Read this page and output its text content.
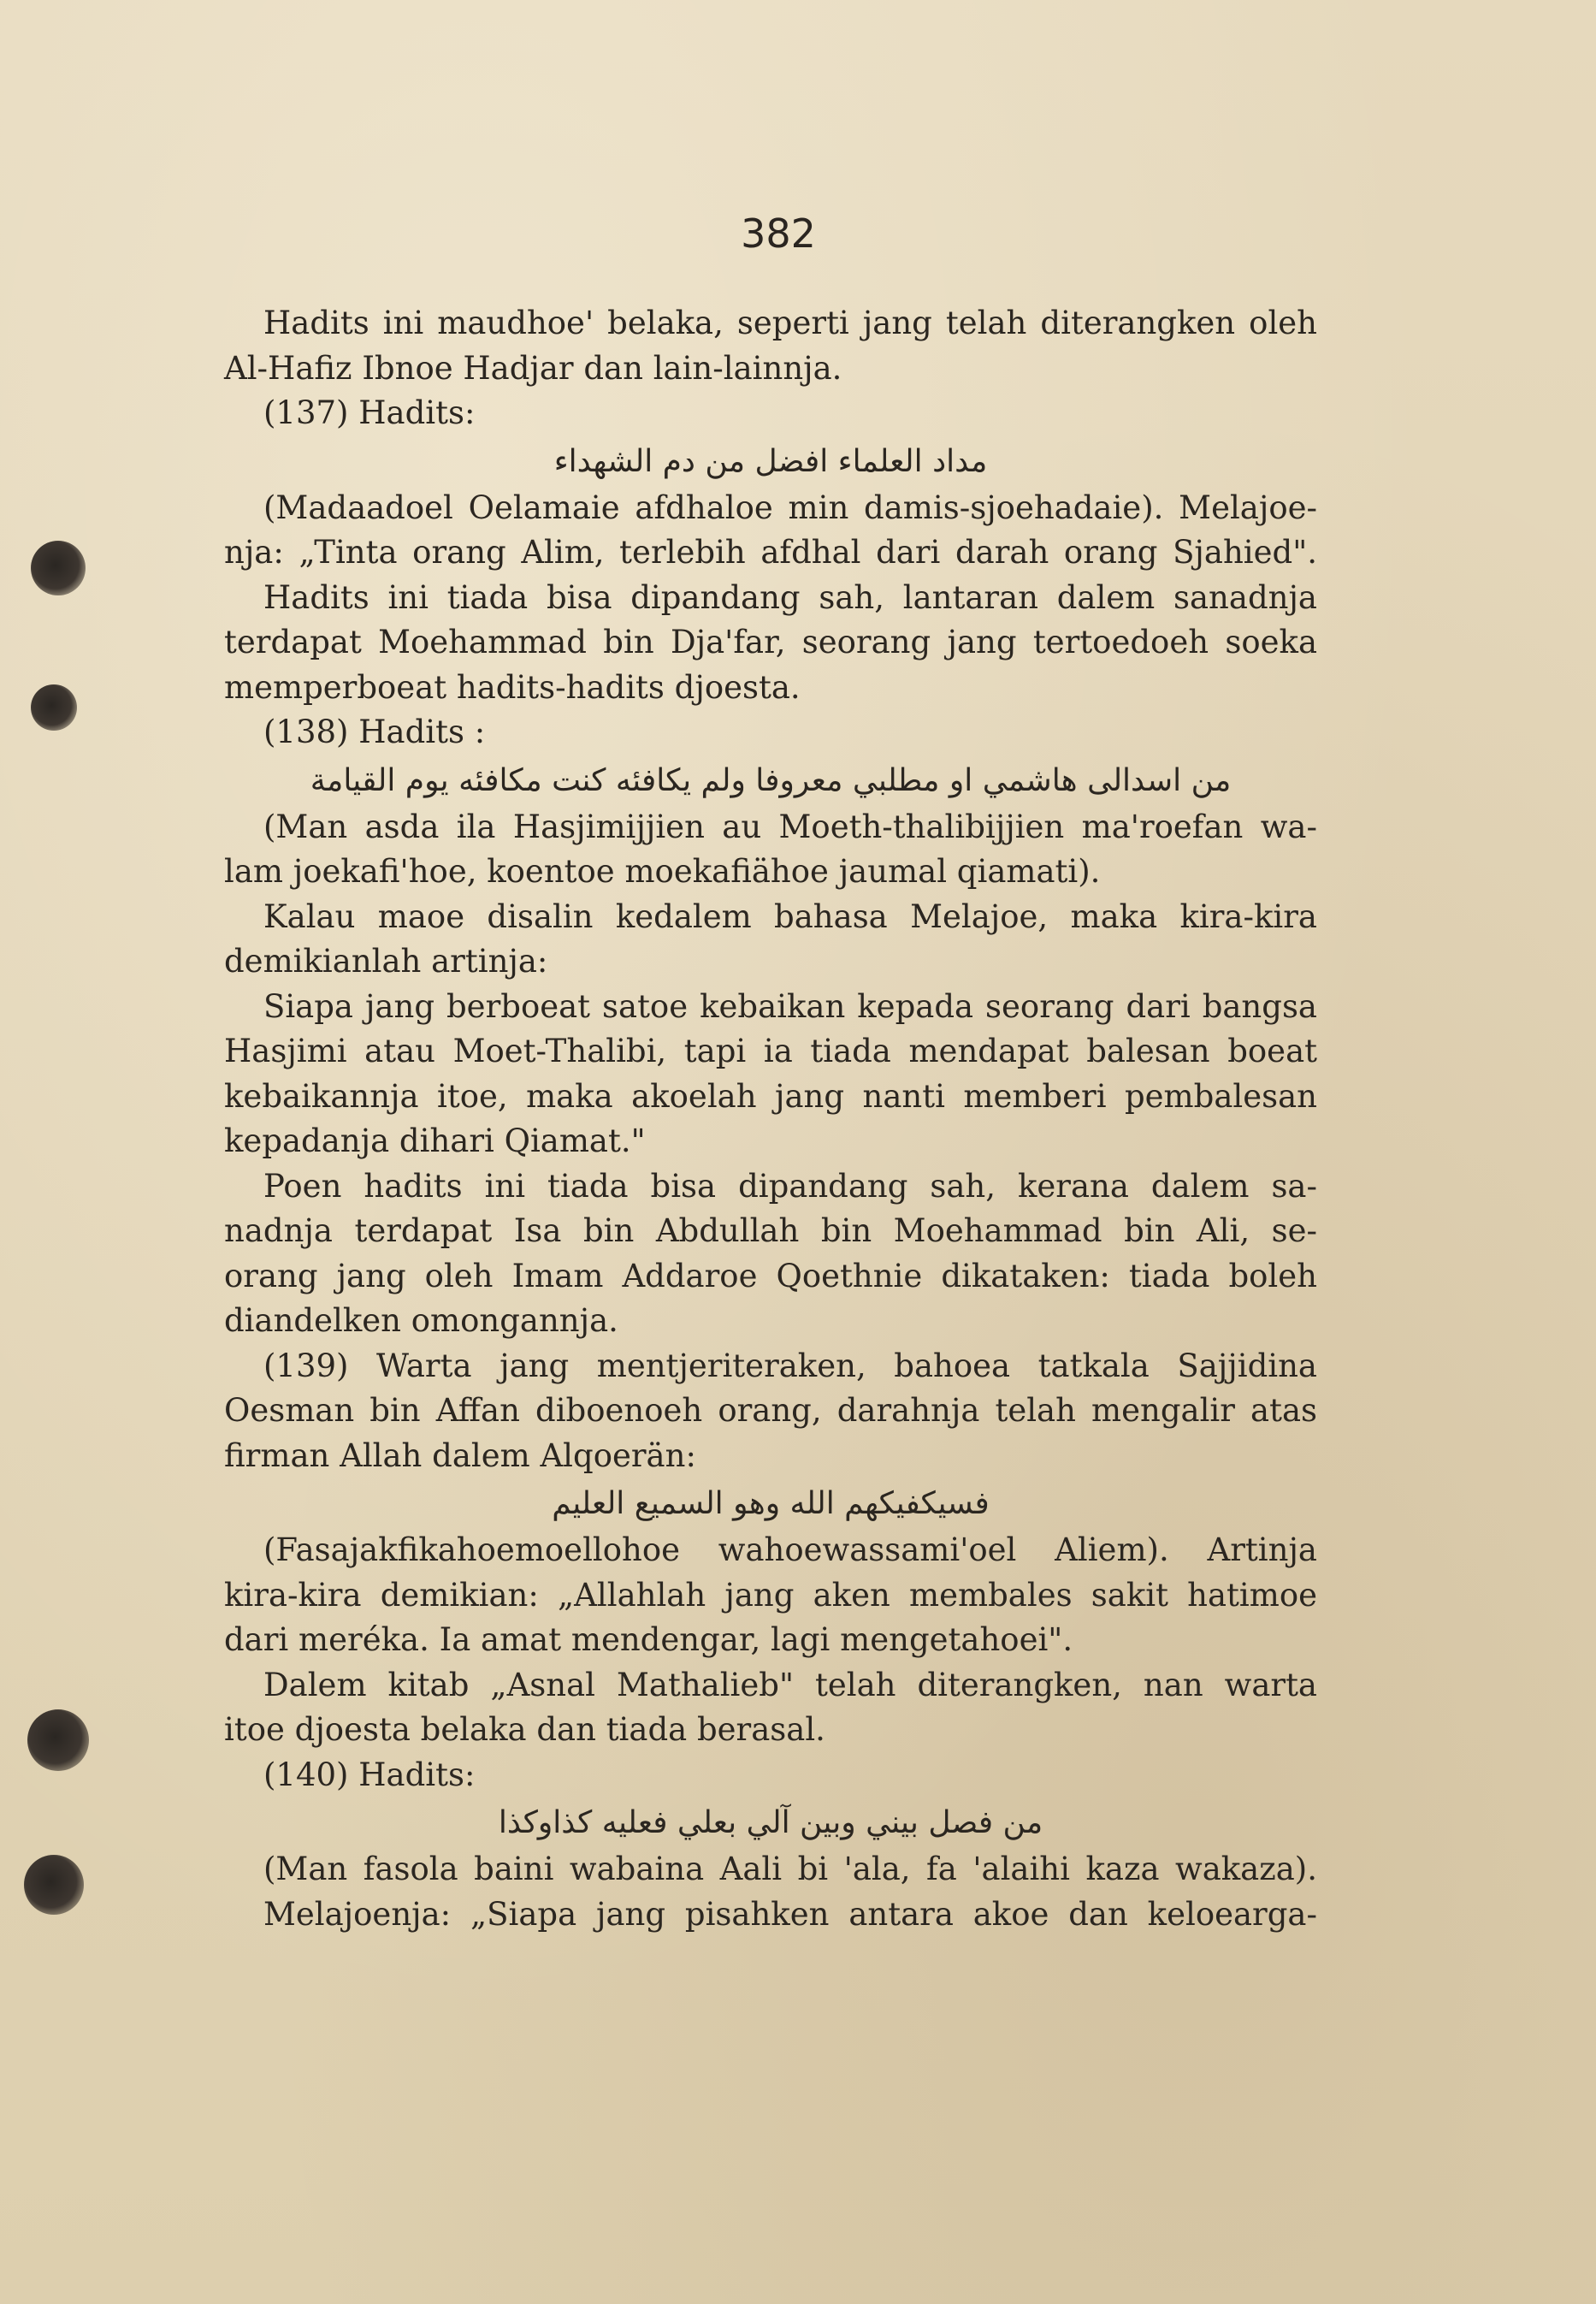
382
Hadits ini maudhoe' belaka, seperti jang telah diterangken oleh
Al-Hafiz Ibnoe Hadjar dan lain-lainnja.
(137) Hadits:
مداد العلماء افضل من دم الشهداء
(Madaadoel Oelamaie afdhaloe min damis-sjoehadaie). Melajoe-
nja: „Tinta orang Alim, terlebih afdhal dari darah orang Sjahied".
Hadits ini tiada bisa dipandang sah, lantaran dalem sanadnja
terdapat Moehammad bin Dja'far, seorang jang tertoedoeh soeka
memperboeat hadits-hadits djoesta.
(138) Hadits :
من اسدالى هاشمي او مطلبي معروفا ولم يكافئه كنت مكافئه يوم القيامة
(Man asda ila Hasjimijjien au Moeth-thalibijjien ma'roefan wa-
lam joekafi'hoe, koentoe moekafiähoe jaumal qiamati).
Kalau maoe disalin kedalem bahasa Melajoe, maka kira-kira
demikianlah artinja:
Siapa jang berboeat satoe kebaikan kepada seorang dari bangsa
Hasjimi atau Moet-Thalibi, tapi ia tiada mendapat balesan boeat
kebaikannja itoe, maka akoelah jang nanti memberi pembalesan
kepadanja dihari Qiamat."
Poen hadits ini tiada bisa dipandang sah, kerana dalem sa-
nadnja terdapat Isa bin Abdullah bin Moehammad bin Ali, se-
orang jang oleh Imam Addaroe Qoethnie dikataken: tiada boleh
diandelken omongannja.
(139) Warta jang mentjeriteraken, bahoea tatkala Sajjidina
Oesman bin Affan diboenoeh orang, darahnja telah mengalir atas
firman Allah dalem Alqoerän:
فسيكفيكهم الله وهو السميع العليم
(Fasajakfikahoemoellohoe wahoewassami'oel Aliem). Artinja
kira-kira demikian: „Allahlah jang aken membales sakit hatimoe
dari meréka. Ia amat mendengar, lagi mengetahoei".
Dalem kitab „Asnal Mathalieb" telah diterangken, nan warta
itoe djoesta belaka dan tiada berasal.
(140) Hadits:
من فصل بيني وبين آلي بعلي فعليه كذاوكذا
(Man fasola baini wabaina Aali bi 'ala, fa 'alaihi kaza wakaza).
Melajoenja: „Siapa jang pisahken antara akoe dan keloearga-
